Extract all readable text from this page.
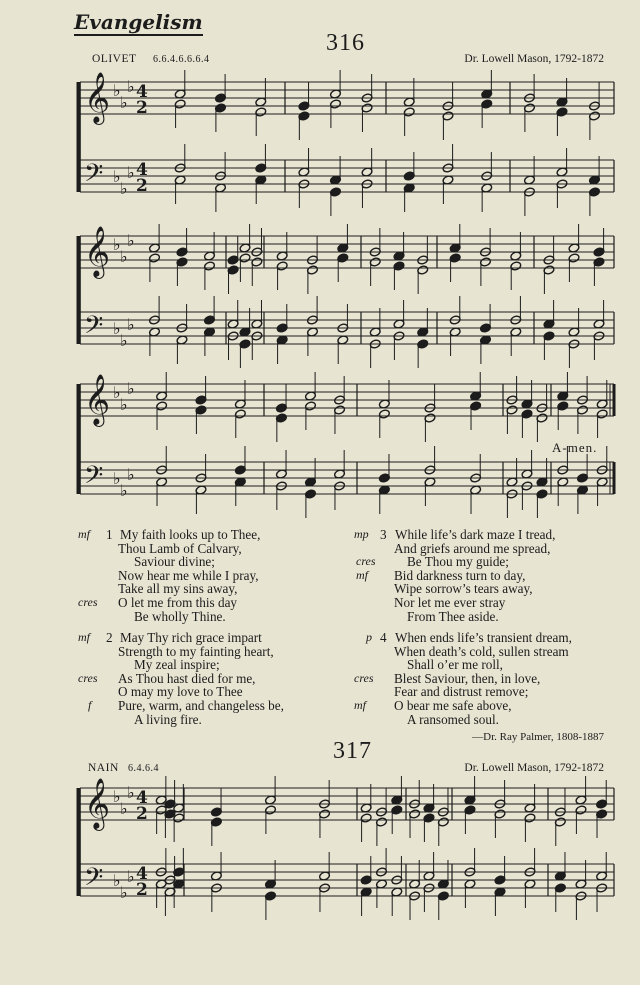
Evangelism
316
OLIVET 6.6.4.6.6.6.4	Dr. Lowell Mason, 1792-1872
𝄞
𝄢
♭
♭
♭
♭
♭
♭
4
2
4
2
𝄞
𝄢
♭
♭
♭
♭
♭
♭
𝄞
𝄢
♭
♭
♭
♭
♭
♭
𝄞
𝄢
♭
♭
♭
♭
♭
♭
4
2
4
2
A-men.
mf 1 My faith looks up to Thee,
Thou Lamb of Calvary,
Saviour divine;
Now hear me while I pray,
Take all my sins away,
O let me from this day
Be wholly Thine.
cres
mf 2 May Thy rich grace impart
Strength to my fainting heart,
My zeal inspire;
As Thou hast died for me,
O may my love to Thee
Pure, warm, and changeless be,
A living fire.
cres
f
mp 3 While life’s dark maze I tread,
And griefs around me spread,
Be Thou my guide;
Bid darkness turn to day,
Wipe sorrow’s tears away,
Nor let me ever stray
From Thee aside.
cres
mf
p 4 When ends life’s transient dream,
When death’s cold, sullen stream
Shall o’er me roll,
Blest Saviour, then, in love,
Fear and distrust remove;
O bear me safe above,
A ransomed soul.
cres
mf
—Dr. Ray Palmer, 1808-1887
317
NAIN 6.4.6.4	Dr. Lowell Mason, 1792-1872
